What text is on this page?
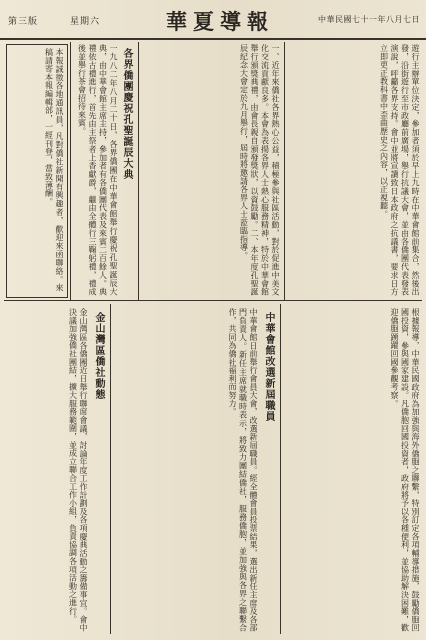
第三版	星期六	華夏導報	中華民國七十一年八月七日
遊行主辦單位決定，參加者須於早上九時在中華會館前集合，然後出發，沿街遊行至市政廳前廣場，舉行抗議大會，並由各僑團代表發表演說，呼籲各界支持。會中並將宣讀致日本政府之抗議書，要求日方立即更正教科書中歪曲歷史之內容，以正視聽。
一、近年來僑社各界熱心公益，積極參與社區活動，對於促進中美文化交流貢獻良多。本會為表揚各界人士熱心服務精神，特於中華會館舉行頒獎典禮，由會長親自頒發獎狀，以資鼓勵。二、本年度孔聖誕辰紀念大會定於九月舉行，屆時將邀請各界人士蒞臨指導。
各界僑團慶祝孔聖誕辰大典
一九八二年八月二十日，各界僑團在中華會館舉行慶祝孔聖誕辰大典，由中華會館主席主持，參加者有各僑團代表及來賓二百餘人。典禮依古禮進行，首先由主祭者上香獻爵，繼由全體行三鞠躬禮，禮成後並舉行茶會招待來賓。
本報誠徵各地通訊員，凡對僑社新聞有興趣者，歡迎來函聯絡。來稿請寄本報編輯部，一經刊登，當致薄酬。
根據報導，中華民國政府為加強與海外僑胞之聯繫，特別訂定各項輔導措施，鼓勵僑胞回國投資，參與國家建設。凡僑胞回國投資者，政府將予以各種便利，並協助解決困難，歡迎僑胞踴躍回國參觀考察。
中華會館改選新屆職員
中華會館日前舉行會員大會，改選新屆職員。經全體會員投票結果，選出新任主席及各部門負責人。新任主席就職時表示，將致力團結僑社，服務僑胞，並加強與各界之聯繫合作，共同為僑社福利而努力。
金山灣區僑社動態
金山灣區各僑團近日舉行聯席會議，討論年度工作計劃及各項慶典活動之籌備事宜。會中決議加強僑社團結，擴大服務範圍，並成立聯合工作小組，負責協調各項活動之進行。
